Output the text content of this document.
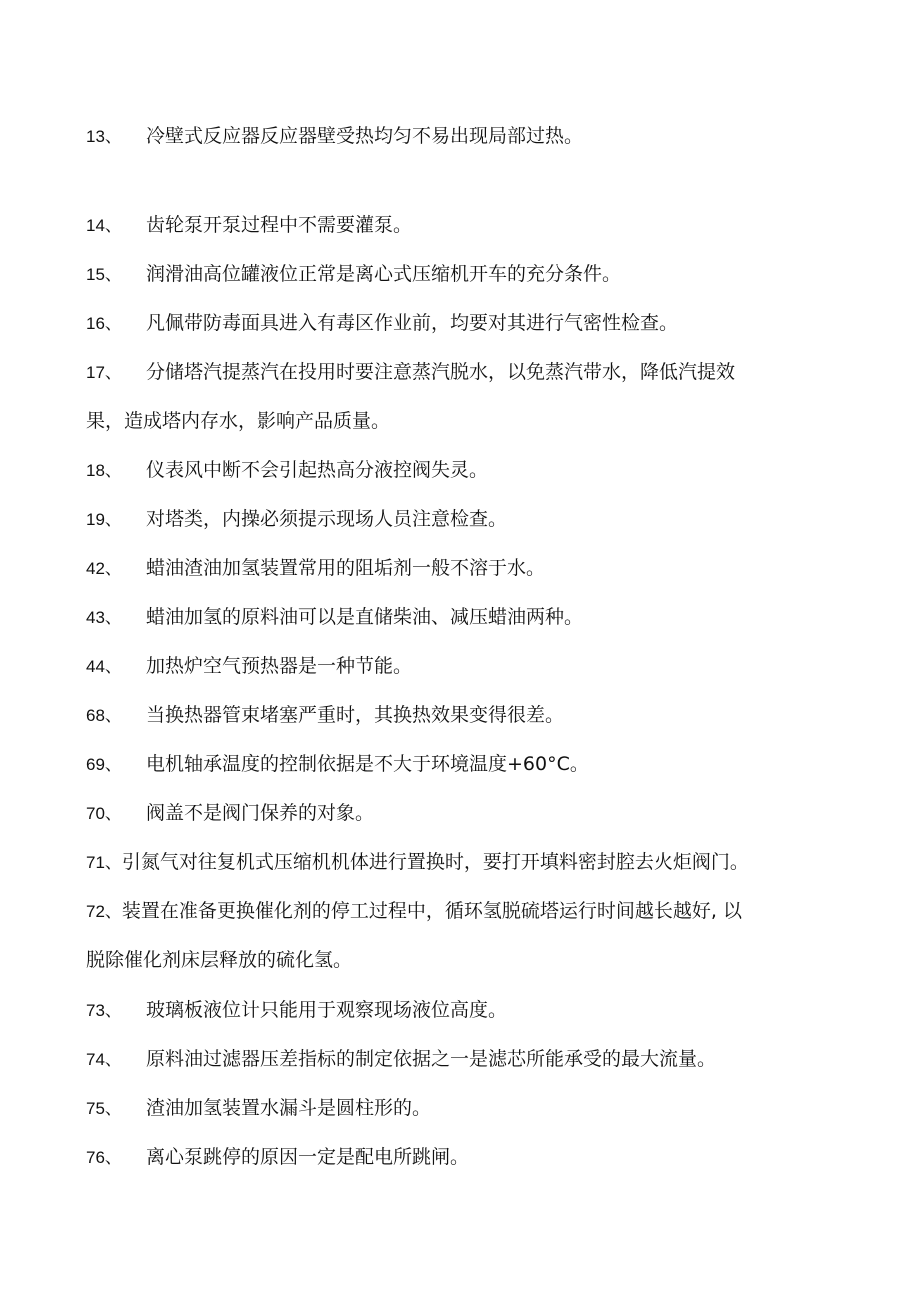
13、 冷壁式反应器反应器壁受热均匀不易出现局部过热。
14、 齿轮泵开泵过程中不需要灌泵。
15、 润滑油高位罐液位正常是离心式压缩机开车的充分条件。
16、 凡佩带防毒面具进入有毒区作业前，均要对其进行气密性检查。
17、 分储塔汽提蒸汽在投用时要注意蒸汽脱水，以免蒸汽带水，降低汽提效
果，造成塔内存水，影响产品质量。
18、 仪表风中断不会引起热高分液控阀失灵。
19、 对塔类，内操必须提示现场人员注意检查。
42、 蜡油渣油加氢装置常用的阻垢剂一般不溶于水。
43、 蜡油加氢的原料油可以是直储柴油、减压蜡油两种。
44、 加热炉空气预热器是一种节能。
68、 当换热器管束堵塞严重时，其换热效果变得很差。
69、 电机轴承温度的控制依据是不大于环境温度+60°C。
70、 阀盖不是阀门保养的对象。
71、引氮气对往复机式压缩机机体进行置换时，要打开填料密封腔去火炬阀门。
72、装置在准备更换催化剂的停工过程中，循环氢脱硫塔运行时间越长越好, 以
脱除催化剂床层释放的硫化氢。
73、 玻璃板液位计只能用于观察现场液位高度。
74、 原料油过滤器压差指标的制定依据之一是滤芯所能承受的最大流量。
75、 渣油加氢装置水漏斗是圆柱形的。
76、 离心泵跳停的原因一定是配电所跳闸。
